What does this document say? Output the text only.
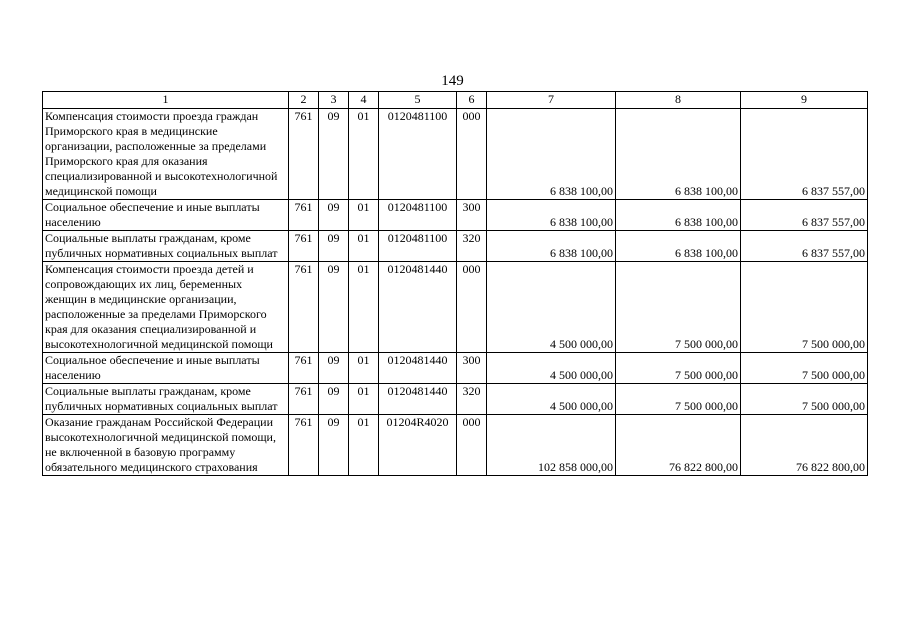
149
1	2	3	4	5	6	7	8	9
Компенсация стоимости проезда граждан Приморского края в медицинские организации, расположенные за пределами Приморского края для оказания специализированной и высокотехнологичной медицинской помощи	761	09	01	0120481100	000	6 838 100,00	6 838 100,00	6 837 557,00
Социальное обеспечение и иные выплаты населению	761	09	01	0120481100	300	6 838 100,00	6 838 100,00	6 837 557,00
Социальные выплаты гражданам, кроме публичных нормативных социальных выплат	761	09	01	0120481100	320	6 838 100,00	6 838 100,00	6 837 557,00
Компенсация стоимости проезда детей и сопровождающих их лиц, беременных женщин в медицинские организации, расположенные за пределами Приморского края для оказания специализированной и высокотехнологичной медицинской помощи	761	09	01	0120481440	000	4 500 000,00	7 500 000,00	7 500 000,00
Социальное обеспечение и иные выплаты населению	761	09	01	0120481440	300	4 500 000,00	7 500 000,00	7 500 000,00
Социальные выплаты гражданам, кроме публичных нормативных социальных выплат	761	09	01	0120481440	320	4 500 000,00	7 500 000,00	7 500 000,00
Оказание гражданам Российской Федерации высокотехнологичной медицинской помощи, не включенной в базовую программу обязательного медицинского страхования	761	09	01	01204R4020	000	102 858 000,00	76 822 800,00	76 822 800,00
